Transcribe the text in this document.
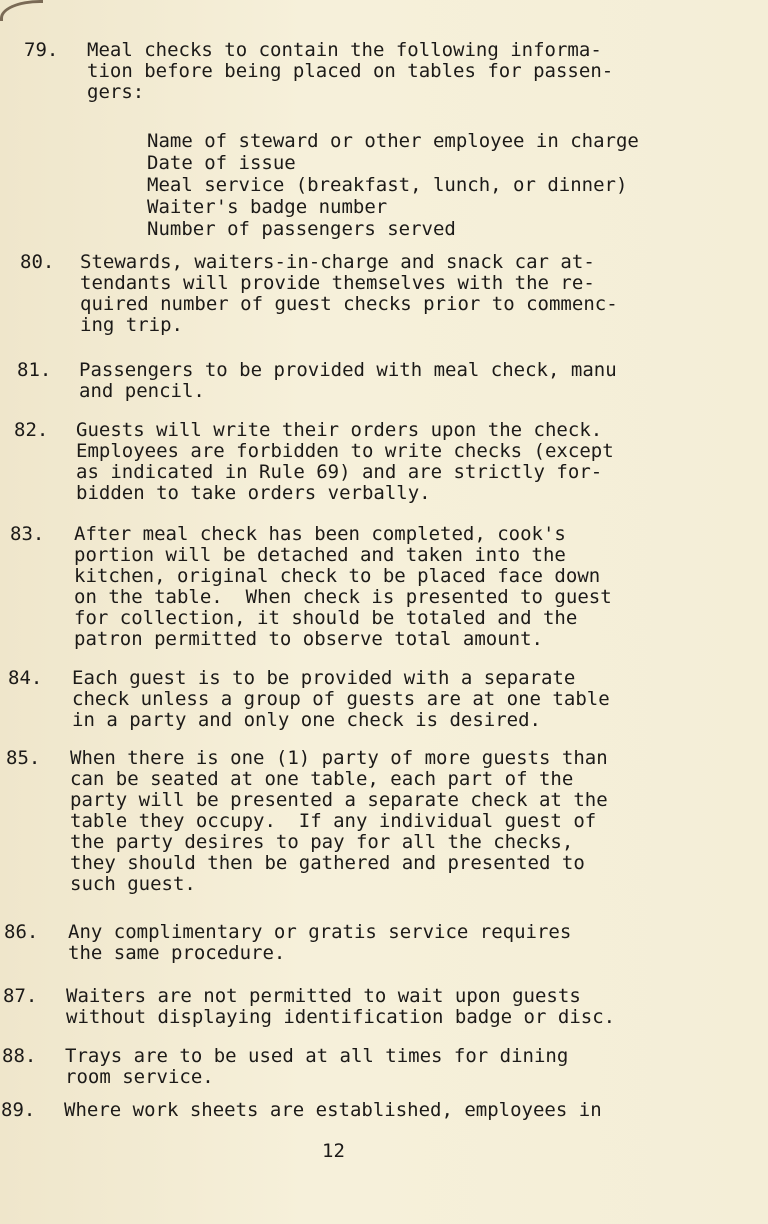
79. Meal checks to contain the following informa-
tion before being placed on tables for passen-
gers:
Name of steward or other employee in charge
Date of issue
Meal service (breakfast, lunch, or dinner)
Waiter's badge number
Number of passengers served
80. Stewards, waiters-in-charge and snack car at-
tendants will provide themselves with the re-
quired number of guest checks prior to commenc-
ing trip.
81. Passengers to be provided with meal check, manu
and pencil.
82. Guests will write their orders upon the check.
Employees are forbidden to write checks (except
as indicated in Rule 69) and are strictly for-
bidden to take orders verbally.
83. After meal check has been completed, cook's
portion will be detached and taken into the
kitchen, original check to be placed face down
on the table.  When check is presented to guest
for collection, it should be totaled and the
patron permitted to observe total amount.
84. Each guest is to be provided with a separate
check unless a group of guests are at one table
in a party and only one check is desired.
85. When there is one (1) party of more guests than
can be seated at one table, each part of the
party will be presented a separate check at the
table they occupy.  If any individual guest of
the party desires to pay for all the checks,
they should then be gathered and presented to
such guest.
86. Any complimentary or gratis service requires
the same procedure.
87. Waiters are not permitted to wait upon guests
without displaying identification badge or disc.
88. Trays are to be used at all times for dining
room service.
89. Where work sheets are established, employees in
12
